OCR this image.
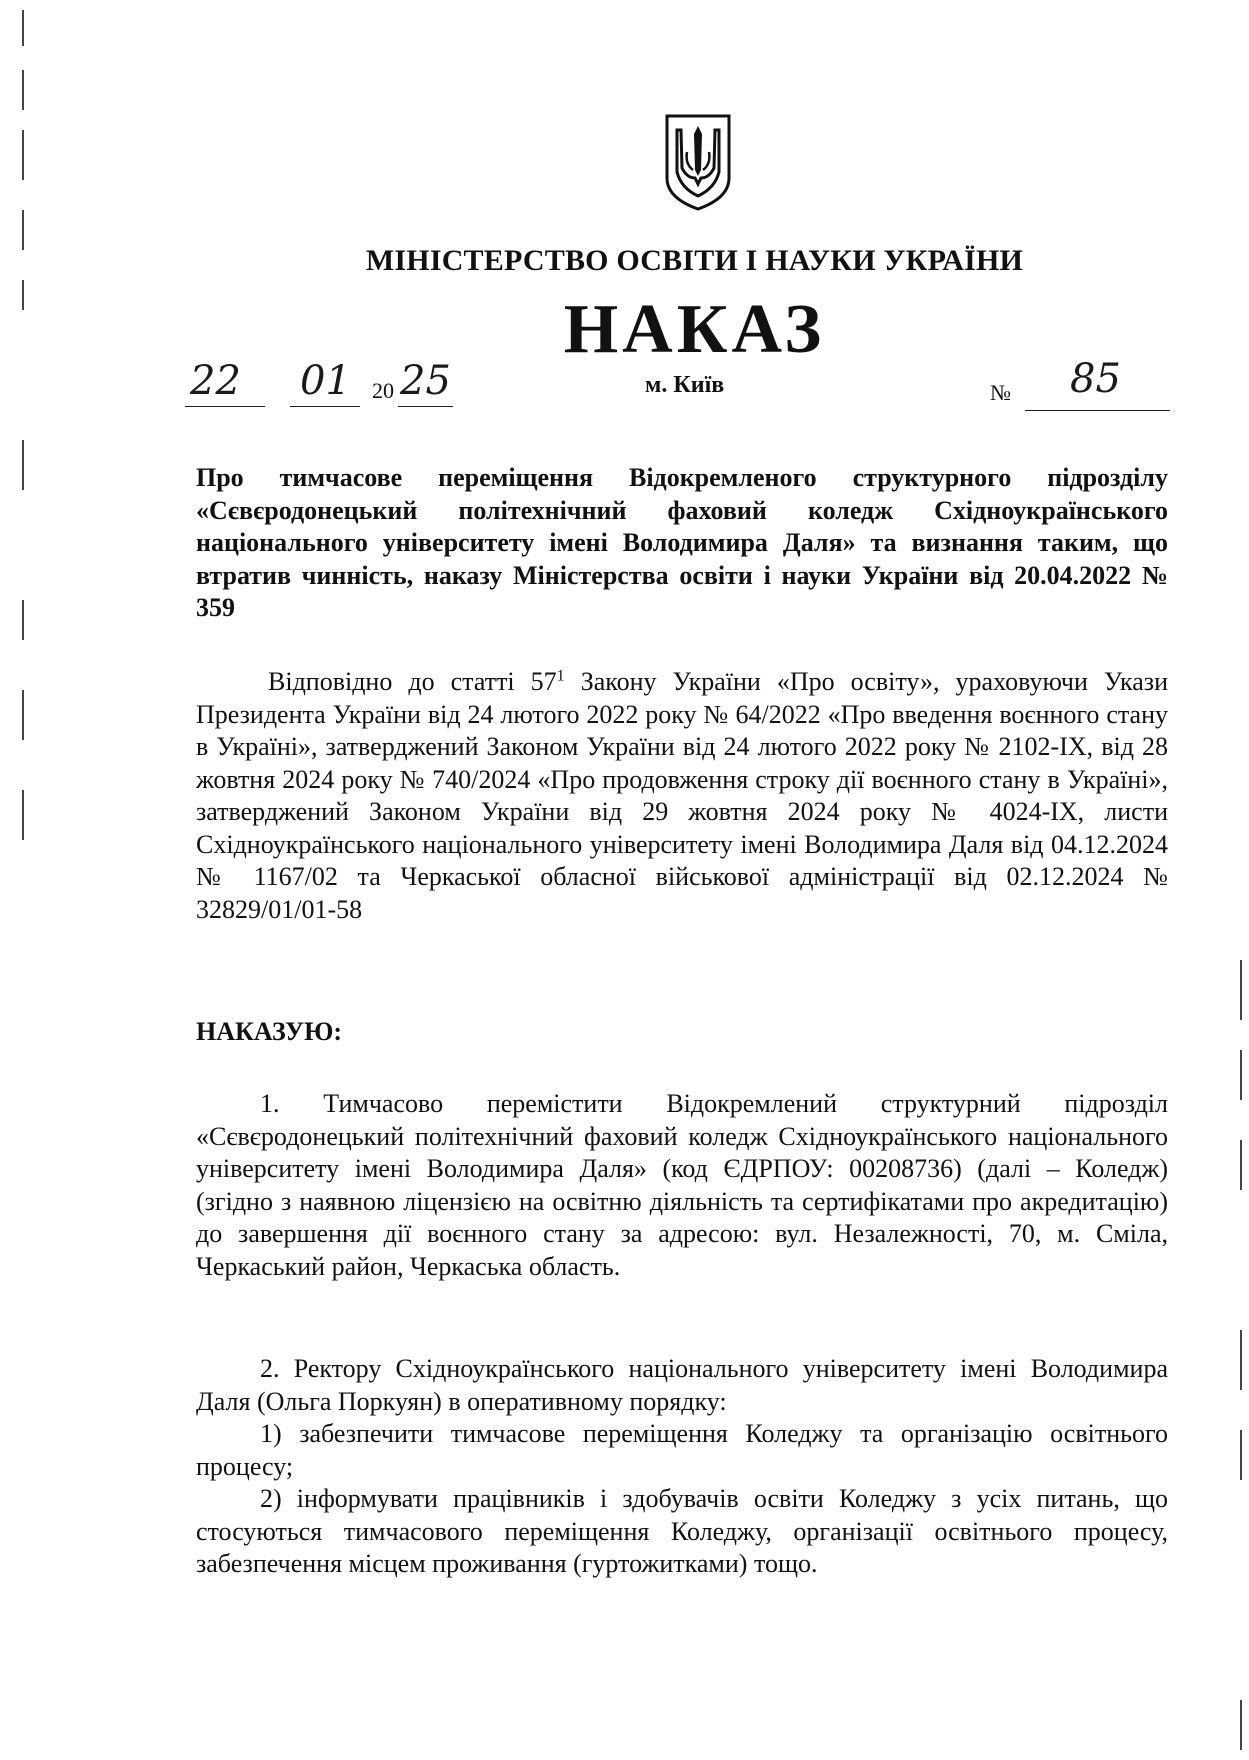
МІНІСТЕРСТВО ОСВІТИ І НАУКИ УКРАЇНИ
НАКАЗ
22 01 20 25	м. Київ	№ 85
Про тимчасове переміщення Відокремленого структурного підрозділу «Сєвєродонецький політехнічний фаховий коледж Східноукраїнського національного університету імені Володимира Даля» та визнання таким, що втратив чинність, наказу Міністерства освіти і науки України від 20.04.2022 № 359
Відповідно до статті $57^1$ Закону України «Про освіту», ураховуючи Укази Президента України від 24 лютого 2022 року № 64/2022 «Про введення воєнного стану в Україні», затверджений Законом України від 24 лютого 2022 року № 2102-IX, від 28 жовтня 2024 року № 740/2024 «Про продовження строку дії воєнного стану в Україні», затверджений Законом України від 29 жовтня 2024 року № 4024-IX, листи Східноукраїнського національного університету імені Володимира Даля від 04.12.2024 № 1167/02 та Черкаської обласної військової адміністрації від 02.12.2024 № 32829/01/01-58
НАКАЗУЮ:
1. Тимчасово перемістити Відокремлений структурний підрозділ «Сєвєродонецький політехнічний фаховий коледж Східноукраїнського національного університету імені Володимира Даля» (код ЄДРПОУ: 00208736) (далі – Коледж) (згідно з наявною ліцензією на освітню діяльність та сертифікатами про акредитацію) до завершення дії воєнного стану за адресою: вул. Незалежності, 70, м. Сміла, Черкаський район, Черкаська область.

2. Ректору Східноукраїнського національного університету імені Володимира Даля (Ольга Поркуян) в оперативному порядку:

1) забезпечити тимчасове переміщення Коледжу та організацію освітнього процесу;

2) інформувати працівників і здобувачів освіти Коледжу з усіх питань, що стосуються тимчасового переміщення Коледжу, організації освітнього процесу, забезпечення місцем проживання (гуртожитками) тощо.
